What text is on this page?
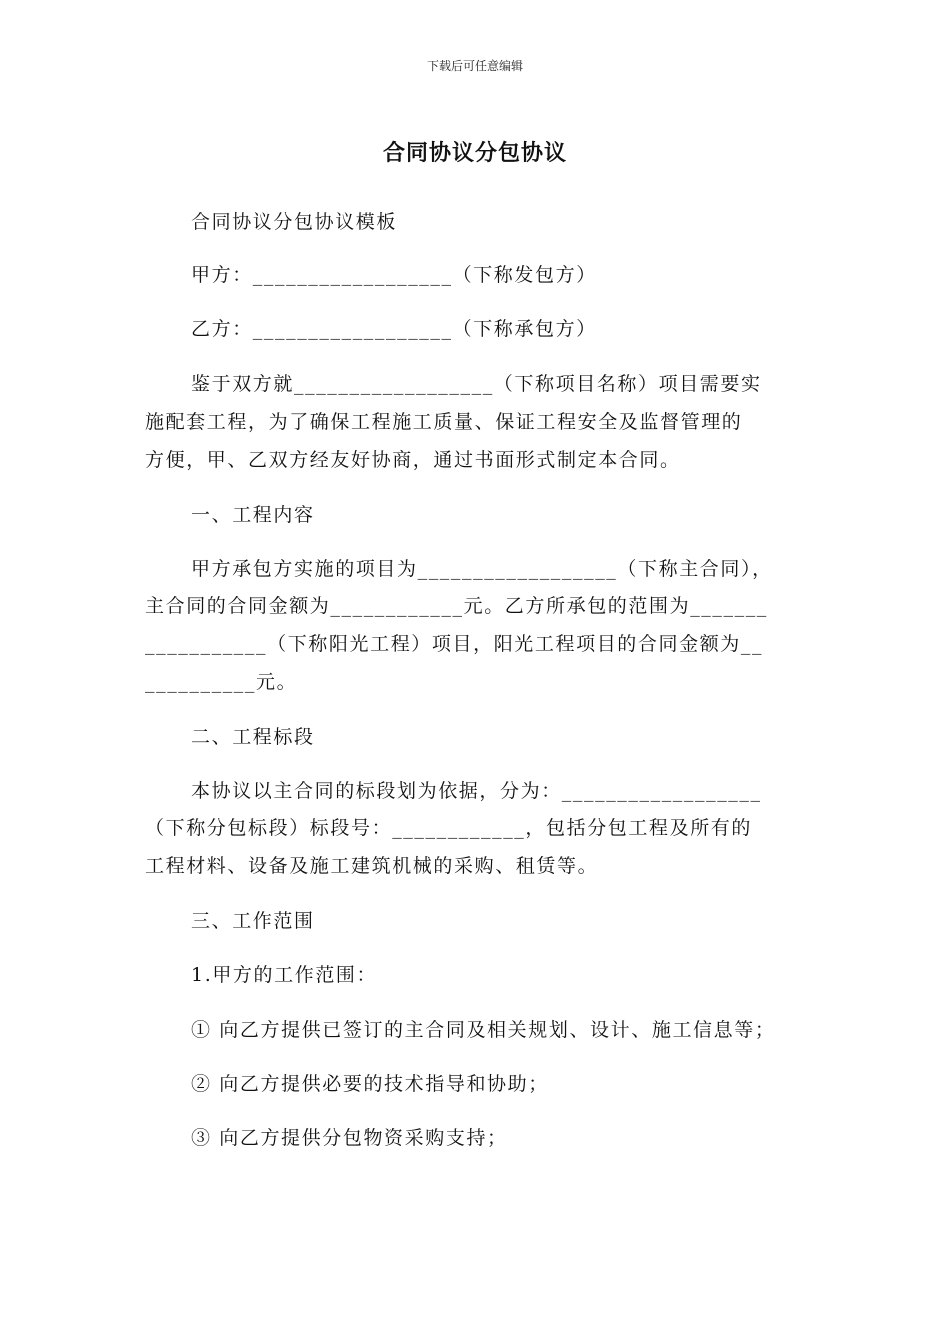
下载后可任意编辑
合同协议分包协议
合同协议分包协议模板
甲方：__________________（下称发包方）
乙方：__________________（下称承包方）
鉴于双方就__________________（下称项目名称）项目需要实
施配套工程，为了确保工程施工质量、保证工程安全及监督管理的
方便，甲、乙双方经友好协商，通过书面形式制定本合同。
一、工程内容
甲方承包方实施的项目为__________________（下称主合同），
主合同的合同金额为____________元。乙方所承包的范围为_______
___________（下称阳光工程）项目，阳光工程项目的合同金额为__
__________元。
二、工程标段
本协议以主合同的标段划为依据，分为：__________________
（下称分包标段）标段号：____________，包括分包工程及所有的
工程材料、设备及施工建筑机械的采购、租赁等。
三、工作范围
1.甲方的工作范围：
① 向乙方提供已签订的主合同及相关规划、设计、施工信息等；
② 向乙方提供必要的技术指导和协助；
③ 向乙方提供分包物资采购支持；
